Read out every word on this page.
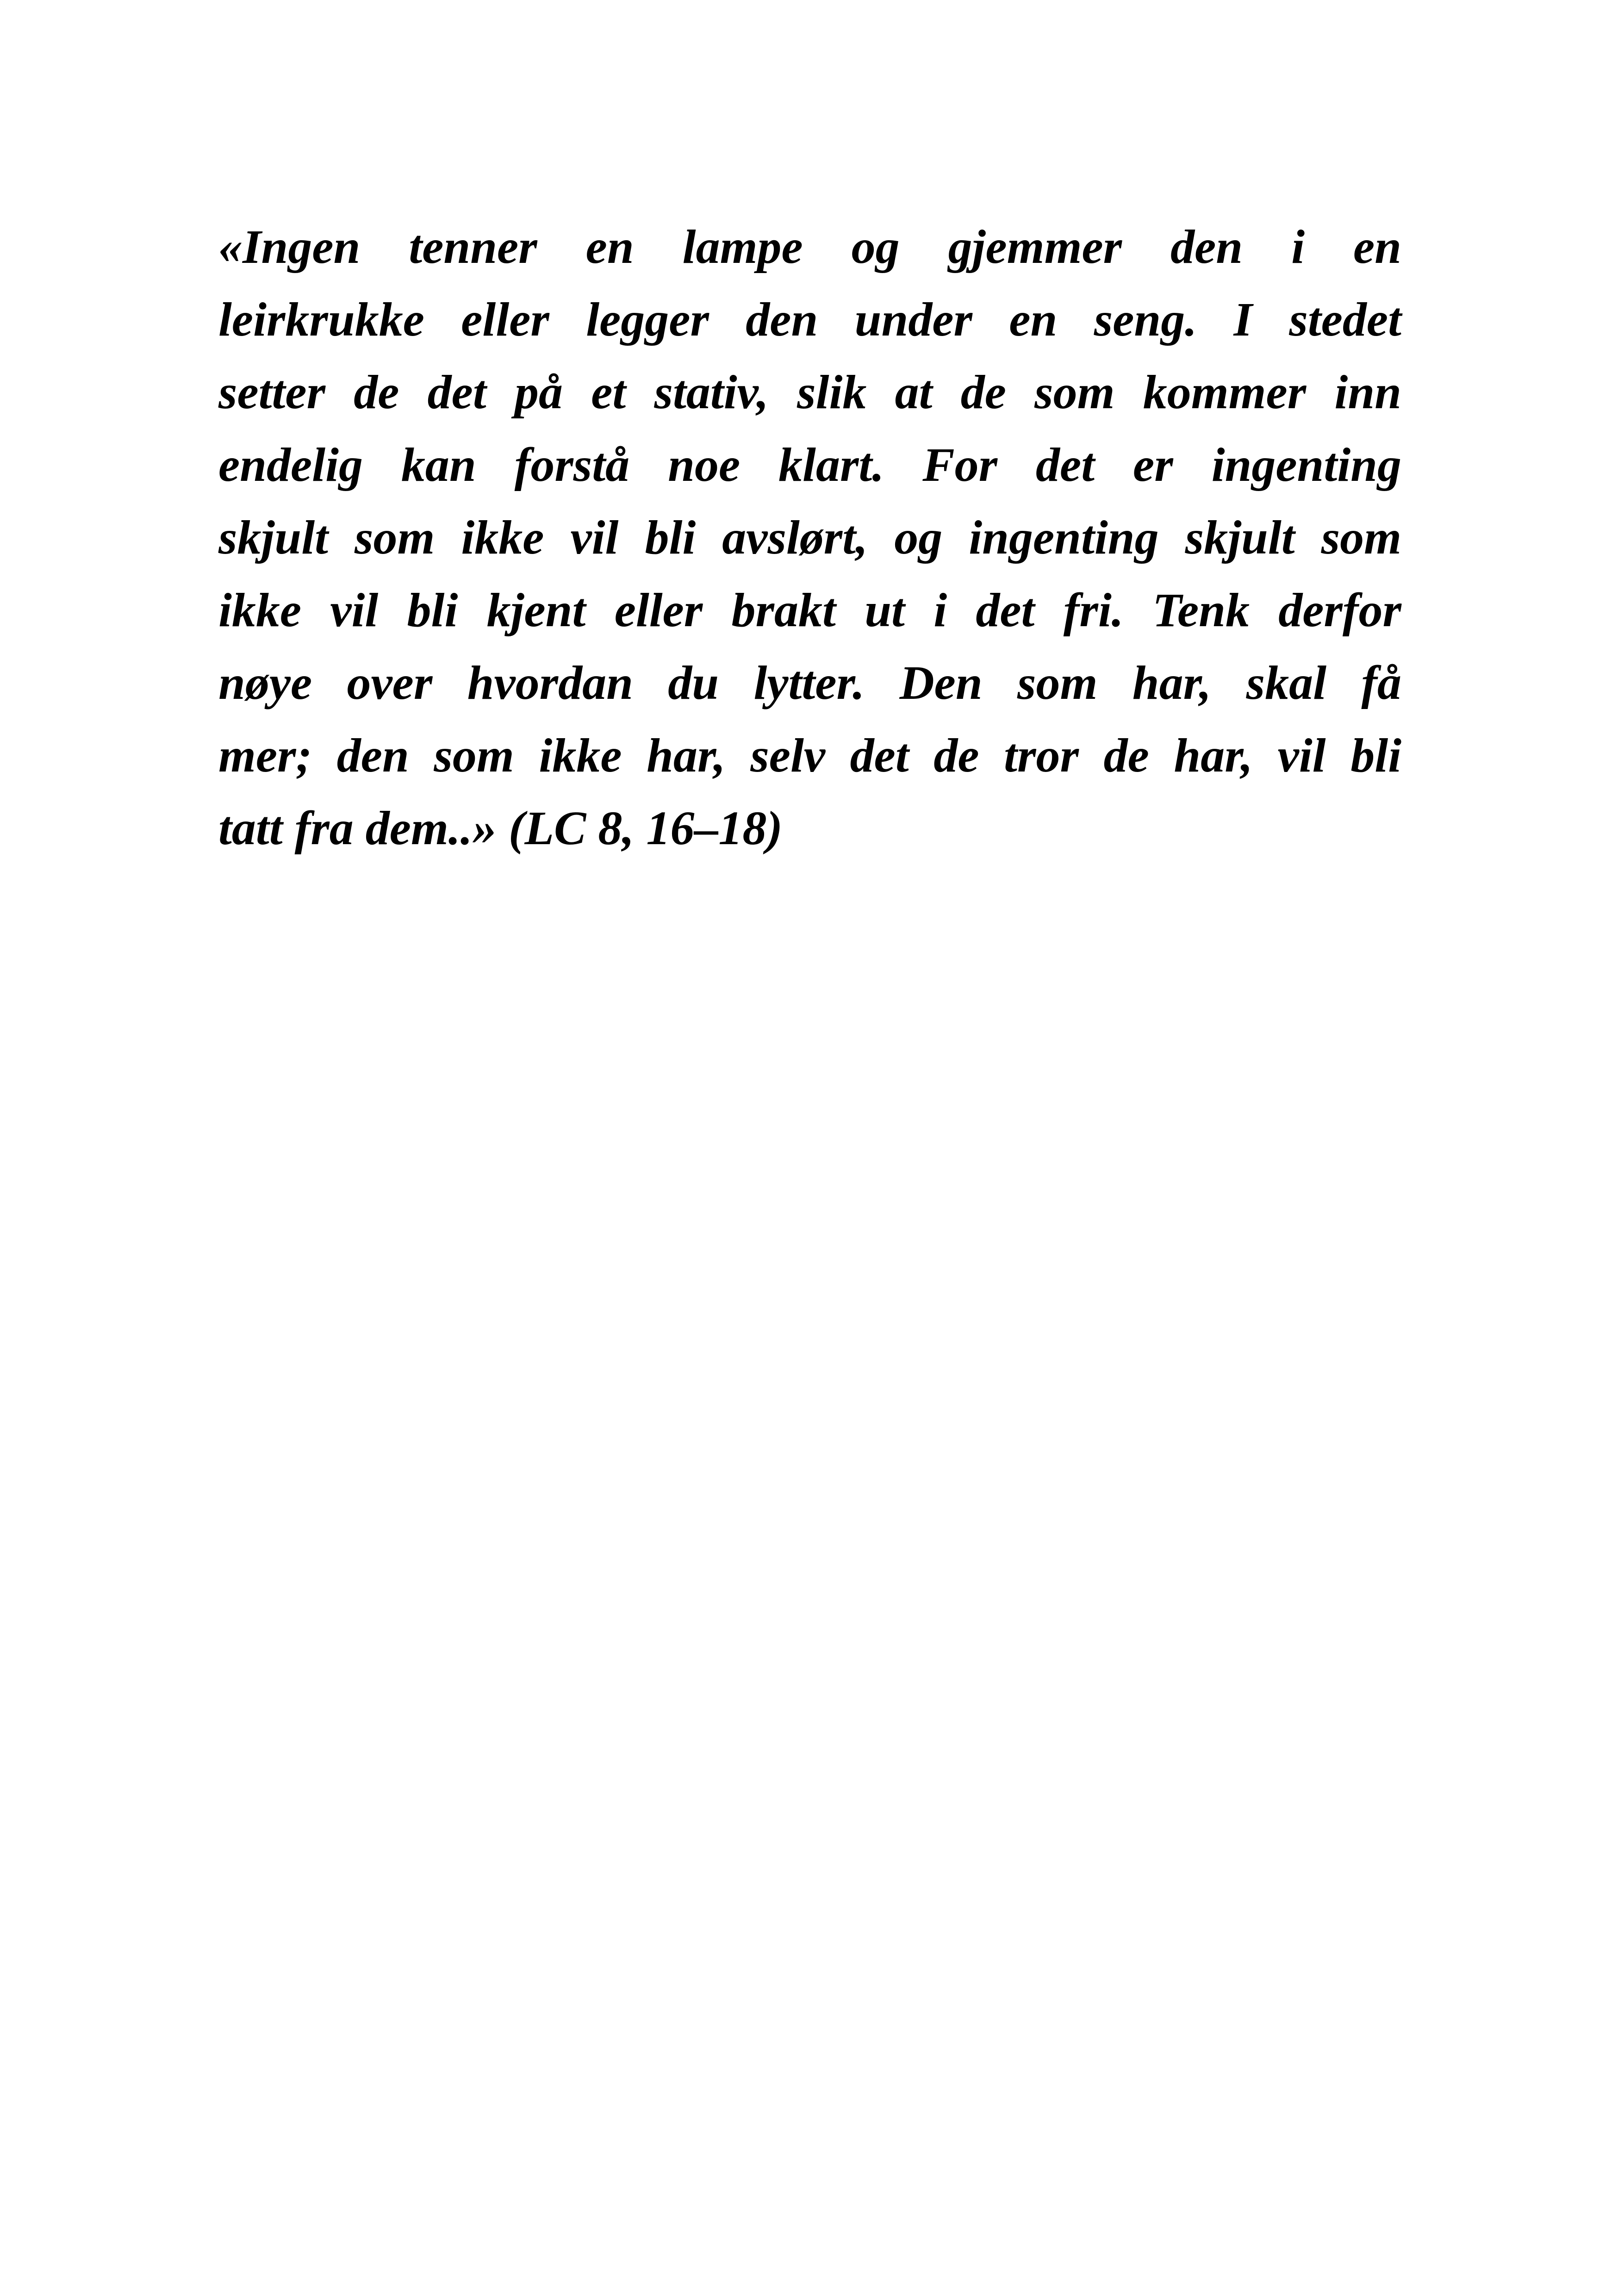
«Ingen tenner en lampe og gjemmer den i en
leirkrukke eller legger den under en seng. I stedet
setter de det på et stativ, slik at de som kommer inn
endelig kan forstå noe klart. For det er ingenting
skjult som ikke vil bli avslørt, og ingenting skjult som
ikke vil bli kjent eller brakt ut i det fri. Tenk derfor
nøye over hvordan du lytter. Den som har, skal få
mer; den som ikke har, selv det de tror de har, vil bli
tatt fra dem..» (LC 8, 16–18)
